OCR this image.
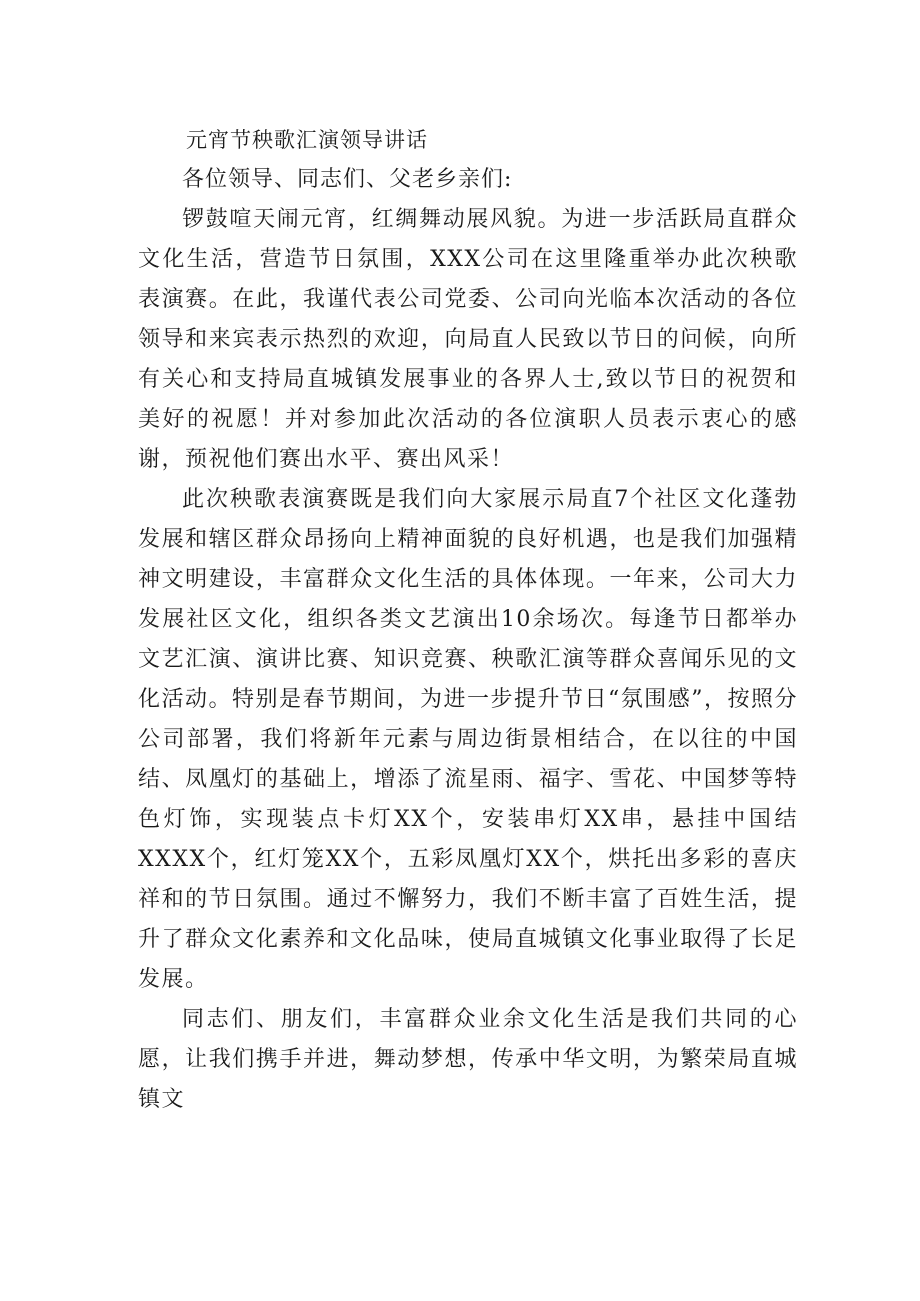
元宵节秧歌汇演领导讲话

各位领导、同志们、父老乡亲们:

锣鼓喧天闹元宵，红绸舞动展风貌。为进一步活跃局直群众文化生活，营造节日氛围，XXX公司在这里隆重举办此次秧歌表演赛。在此，我谨代表公司党委、公司向光临本次活动的各位领导和来宾表示热烈的欢迎，向局直人民致以节日的问候，向所有关心和支持局直城镇发展事业的各界人士,致以节日的祝贺和美好的祝愿！并对参加此次活动的各位演职人员表示衷心的感谢，预祝他们赛出水平、赛出风采！

此次秧歌表演赛既是我们向大家展示局直7个社区文化蓬勃发展和辖区群众昂扬向上精神面貌的良好机遇，也是我们加强精神文明建设，丰富群众文化生活的具体体现。一年来，公司大力发展社区文化，组织各类文艺演出10余场次。每逢节日都举办文艺汇演、演讲比赛、知识竞赛、秧歌汇演等群众喜闻乐见的文化活动。特别是春节期间，为进一步提升节日“氛围感”，按照分公司部署，我们将新年元素与周边街景相结合，在以往的中国结、凤凰灯的基础上，增添了流星雨、福字、雪花、中国梦等特色灯饰，实现装点卡灯XX个，安装串灯XX串，悬挂中国结XXXX个，红灯笼XX个，五彩凤凰灯XX个，烘托出多彩的喜庆祥和的节日氛围。通过不懈努力，我们不断丰富了百姓生活，提升了群众文化素养和文化品味，使局直城镇文化事业取得了长足发展。

同志们、朋友们，丰富群众业余文化生活是我们共同的心愿，让我们携手并进，舞动梦想，传承中华文明，为繁荣局直城镇文
